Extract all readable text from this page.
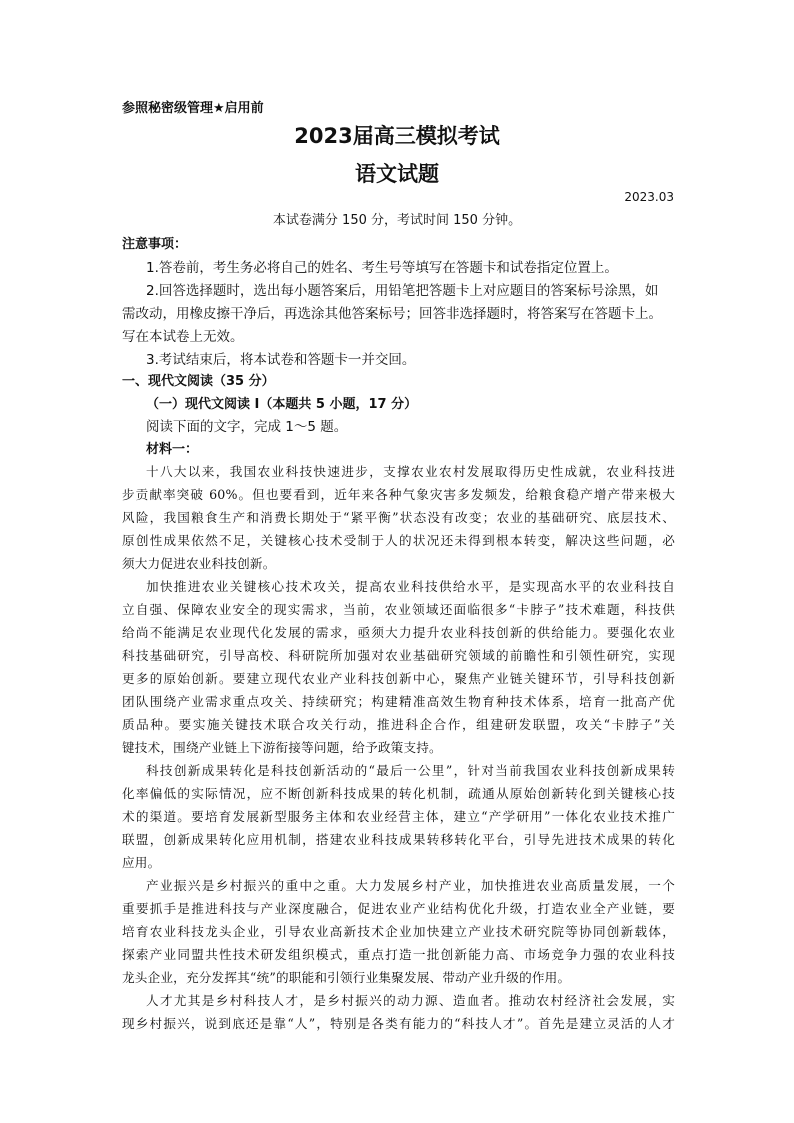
参照秘密级管理★启用前
2023届高三模拟考试
语文试题
2023.03
本试卷满分 150 分，考试时间 150 分钟。
注意事项：
1.答卷前，考生务必将自己的姓名、考生号等填写在答题卡和试卷指定位置上。
2.回答选择题时，选出每小题答案后，用铅笔把答题卡上对应题目的答案标号涂黑，如
需改动，用橡皮擦干净后，再选涂其他答案标号；回答非选择题时，将答案写在答题卡上。
写在本试卷上无效。
3.考试结束后，将本试卷和答题卡一并交回。
一、现代文阅读（35 分）
（一）现代文阅读 I（本题共 5 小题，17 分）
阅读下面的文字，完成 1～5 题。
材料一：
十八大以来，我国农业科技快速进步，支撑农业农村发展取得历史性成就，农业科技进
步贡献率突破 60%。但也要看到，近年来各种气象灾害多发频发，给粮食稳产增产带来极大
风险，我国粮食生产和消费长期处于“紧平衡”状态没有改变；农业的基础研究、底层技术、
原创性成果依然不足，关键核心技术受制于人的状况还未得到根本转变，解决这些问题，必
须大力促进农业科技创新。
加快推进农业关键核心技术攻关，提高农业科技供给水平，是实现高水平的农业科技自
立自强、保障农业安全的现实需求，当前，农业领域还面临很多“卡脖子”技术难题，科技供
给尚不能满足农业现代化发展的需求，亟须大力提升农业科技创新的供给能力。要强化农业
科技基础研究，引导高校、科研院所加强对农业基础研究领域的前瞻性和引领性研究，实现
更多的原始创新。要建立现代农业产业科技创新中心，聚焦产业链关键环节，引导科技创新
团队围绕产业需求重点攻关、持续研究；构建精准高效生物育种技术体系，培育一批高产优
质品种。要实施关键技术联合攻关行动，推进科企合作，组建研发联盟，攻关“卡脖子”关
键技术，围绕产业链上下游衔接等问题，给予政策支持。
科技创新成果转化是科技创新活动的“最后一公里”，针对当前我国农业科技创新成果转
化率偏低的实际情况，应不断创新科技成果的转化机制，疏通从原始创新转化到关键核心技
术的渠道。要培育发展新型服务主体和农业经营主体，建立“产学研用”一体化农业技术推广
联盟，创新成果转化应用机制，搭建农业科技成果转移转化平台，引导先进技术成果的转化
应用。
产业振兴是乡村振兴的重中之重。大力发展乡村产业，加快推进农业高质量发展，一个
重要抓手是推进科技与产业深度融合，促进农业产业结构优化升级，打造农业全产业链，要
培育农业科技龙头企业，引导农业高新技术企业加快建立产业技术研究院等协同创新载体，
探索产业同盟共性技术研发组织模式，重点打造一批创新能力高、市场竞争力强的农业科技
龙头企业，充分发挥其“统”的职能和引领行业集聚发展、带动产业升级的作用。
人才尤其是乡村科技人才，是乡村振兴的动力源、造血者。推动农村经济社会发展，实
现乡村振兴，说到底还是靠“人”，特别是各类有能力的“科技人才”。首先是建立灵活的人才
